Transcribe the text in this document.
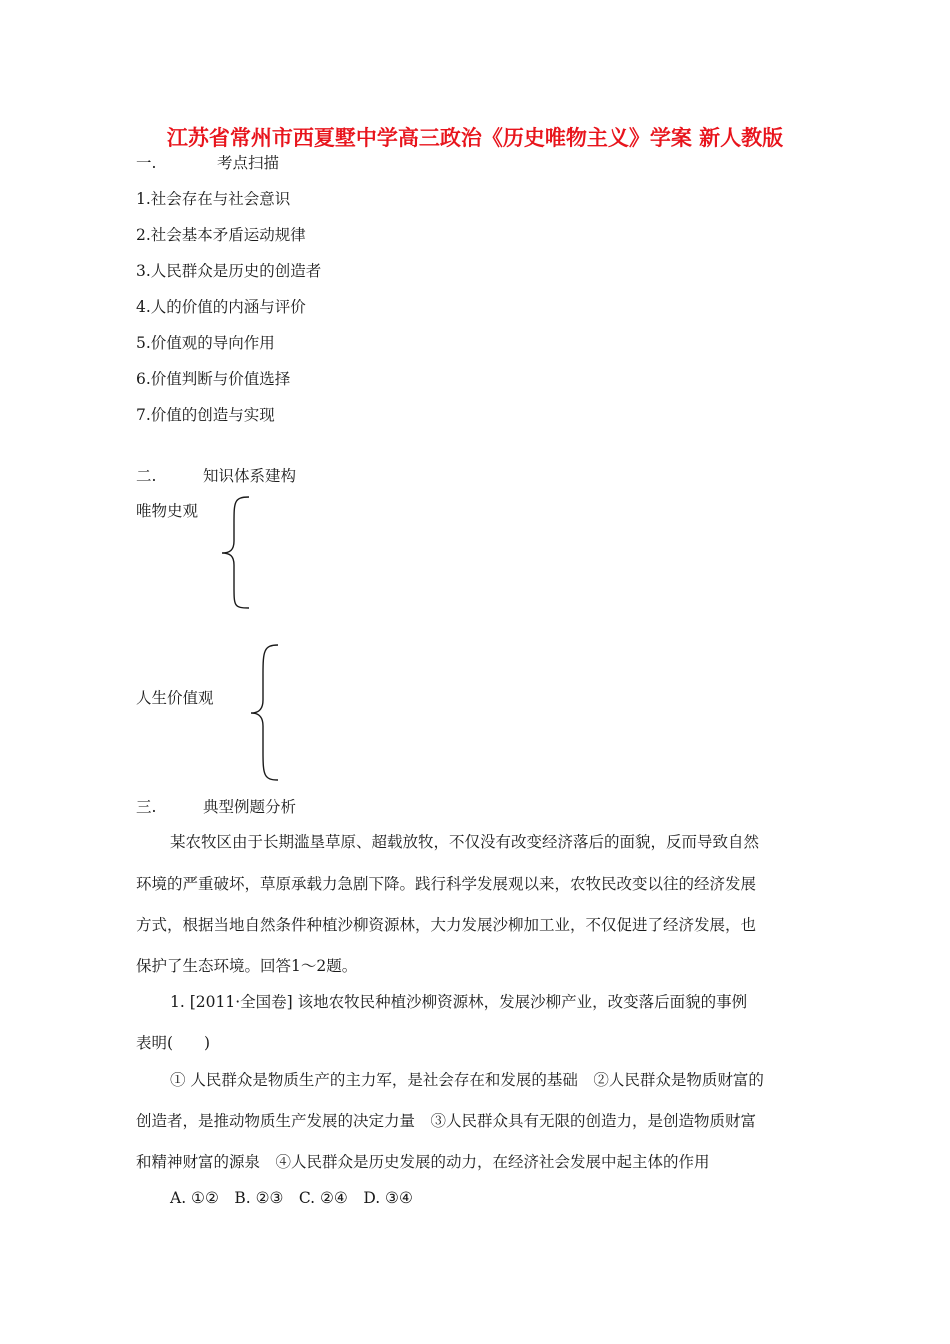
江苏省常州市西夏墅中学高三政治《历史唯物主义》学案 新人教版
一.	考点扫描
1.社会存在与社会意识
2.社会基本矛盾运动规律
3.人民群众是历史的创造者
4.人的价值的内涵与评价
5.价值观的导向作用
6.价值判断与价值选择
7.价值的创造与实现
二.	知识体系建构
唯物史观
人生价值观
三.	典型例题分析
某农牧区由于长期滥垦草原、超载放牧，不仅没有改变经济落后的面貌，反而导致自然
环境的严重破坏，草原承载力急剧下降。践行科学发展观以来，农牧民改变以往的经济发展
方式，根据当地自然条件种植沙柳资源林，大力发展沙柳加工业，不仅促进了经济发展，也
保护了生态环境。回答1～2题。
1. [2011·全国卷] 该地农牧民种植沙柳资源林，发展沙柳产业，改变落后面貌的事例
表明(　　)
① 人民群众是物质生产的主力军，是社会存在和发展的基础　②人民群众是物质财富的
创造者，是推动物质生产发展的决定力量　③人民群众具有无限的创造力，是创造物质财富
和精神财富的源泉　④人民群众是历史发展的动力，在经济社会发展中起主体的作用
A. ①②　B. ②③　C. ②④　D. ③④
